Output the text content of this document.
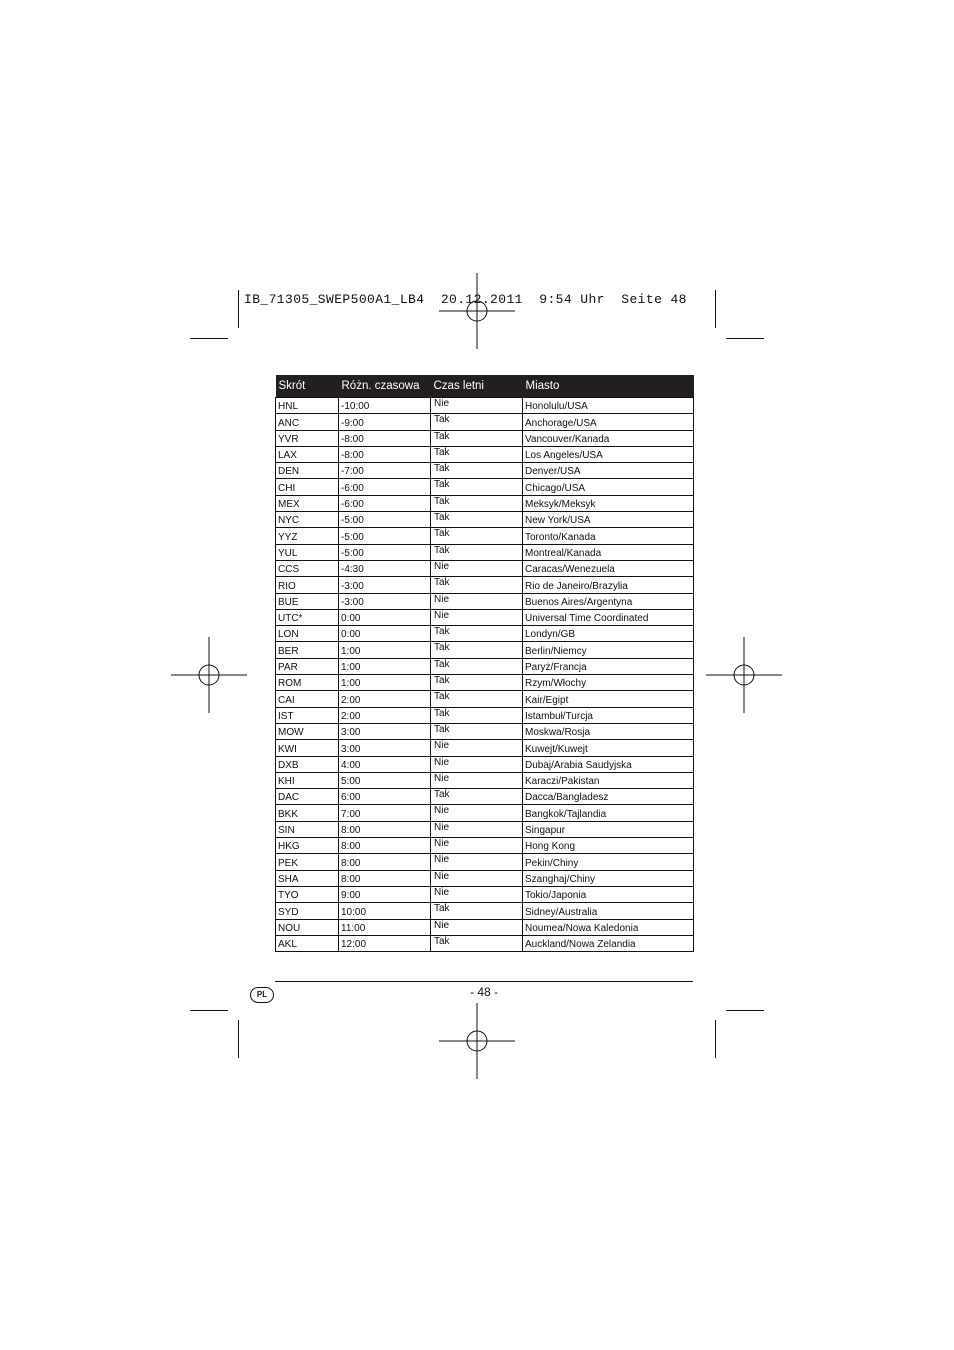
IB_71305_SWEP500A1_LB4  20.12.2011  9:54 Uhr  Seite 48
Skrót	Różn. czasowa	Czas letni	Miasto
HNL	-10:00	Nie	Honolulu/USA
ANC	-9:00	Tak	Anchorage/USA
YVR	-8:00	Tak	Vancouver/Kanada
LAX	-8:00	Tak	Los Angeles/USA
DEN	-7:00	Tak	Denver/USA
CHI	-6:00	Tak	Chicago/USA
MEX	-6:00	Tak	Meksyk/Meksyk
NYC	-5:00	Tak	New York/USA
YYZ	-5:00	Tak	Toronto/Kanada
YUL	-5:00	Tak	Montreal/Kanada
CCS	-4:30	Nie	Caracas/Wenezuela
RIO	-3:00	Tak	Rio de Janeiro/Brazylia
BUE	-3:00	Nie	Buenos Aires/Argentyna
UTC*	0:00	Nie	Universal Time Coordinated
LON	0:00	Tak	Londyn/GB
BER	1:00	Tak	Berlin/Niemcy
PAR	1:00	Tak	Paryż/Francja
ROM	1:00	Tak	Rzym/Włochy
CAI	2:00	Tak	Kair/Egipt
IST	2:00	Tak	Istambuł/Turcja
MOW	3:00	Tak	Moskwa/Rosja
KWI	3:00	Nie	Kuwejt/Kuwejt
DXB	4:00	Nie	Dubaj/Arabia Saudyjska
KHI	5:00	Nie	Karaczi/Pakistan
DAC	6:00	Tak	Dacca/Bangladesz
BKK	7:00	Nie	Bangkok/Tajlandia
SIN	8:00	Nie	Singapur
HKG	8:00	Nie	Hong Kong
PEK	8:00	Nie	Pekin/Chiny
SHA	8:00	Nie	Szanghaj/Chiny
TYO	9:00	Nie	Tokio/Japonia
SYD	10:00	Tak	Sidney/Australia
NOU	11:00	Nie	Noumea/Nowa Kaledonia
AKL	12:00	Tak	Auckland/Nowa Zelandia
PL	- 48 -
